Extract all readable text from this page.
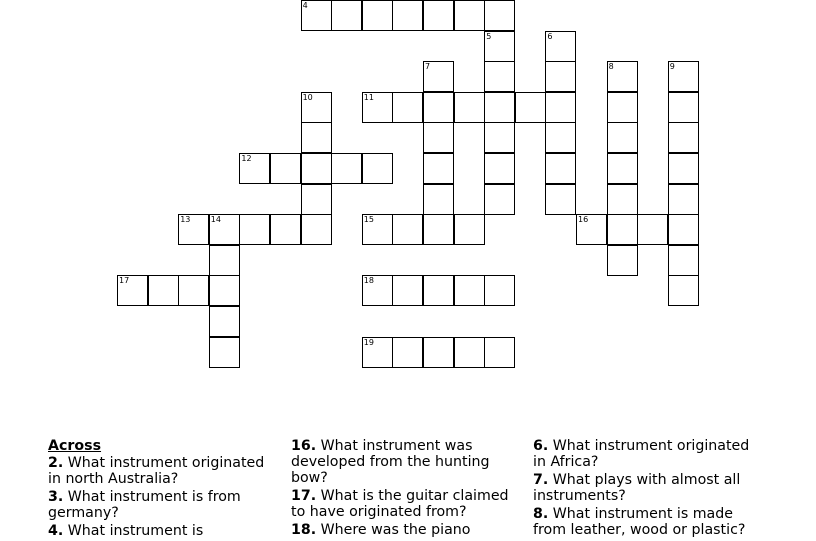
4
5	6
7	8	9
10	11
12
13	14	15	16
17	18
19
Across
2. What instrument originated in north Australia?
3. What instrument is from germany?
4. What instrument is
16. What instrument was developed from the hunting bow?
17. What is the guitar claimed to have originated from?
18. Where was the piano
6. What instrument originated in Africa?
7. What plays with almost all instruments?
8. What instrument is made from leather, wood or plastic?
